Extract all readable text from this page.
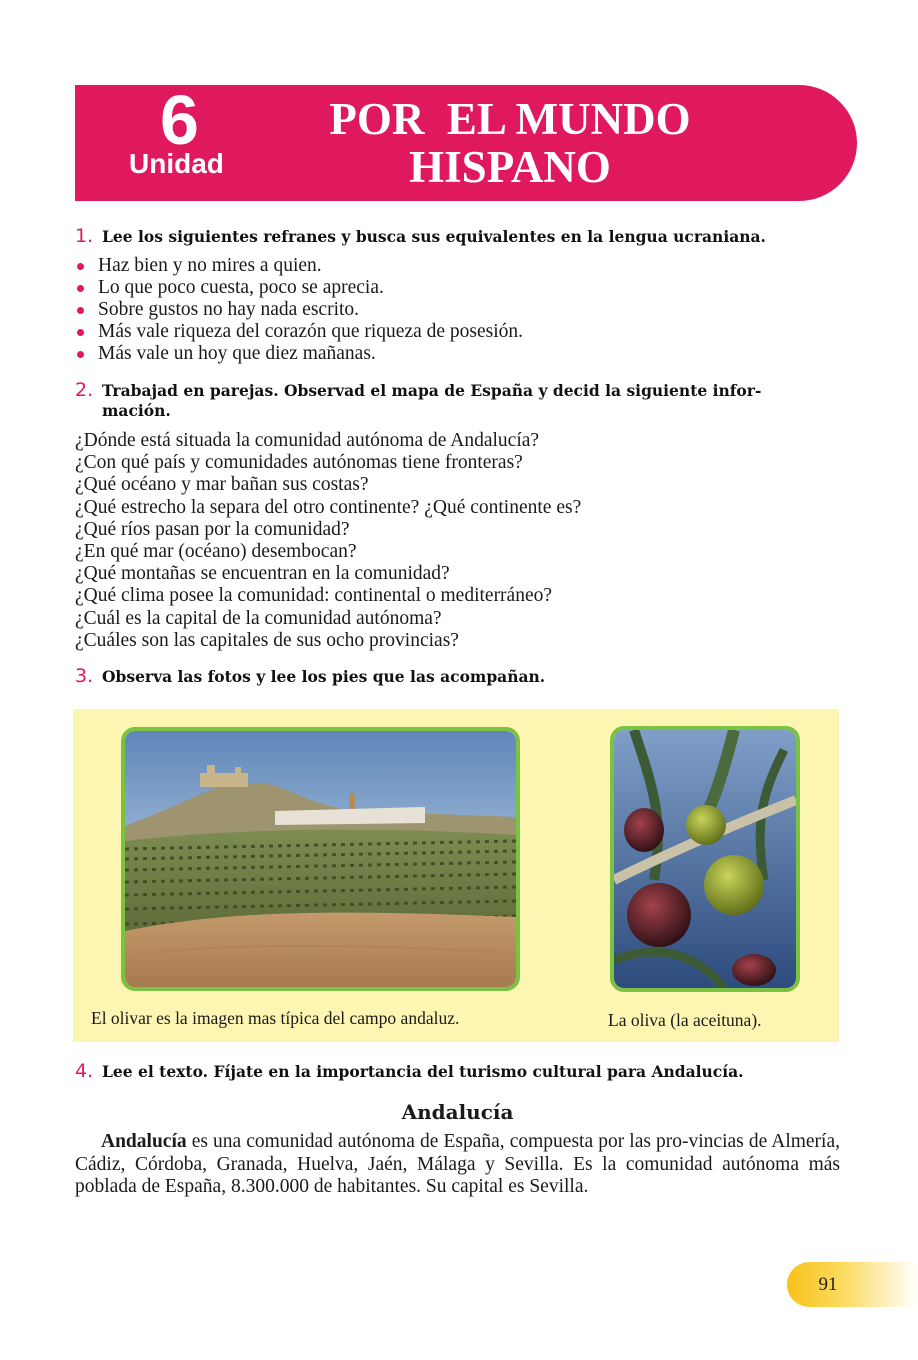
6
Unidad
POR  EL MUNDO
HISPANO
1. Lee los siguientes refranes y busca sus equivalentes en la lengua ucraniana.
Haz bien y no mires a quien.
Lo que poco cuesta, poco se aprecia.
Sobre gustos no hay nada escrito.
Más vale riqueza del corazón que riqueza de posesión.
Más vale un hoy que diez mañanas.
2. Trabajad en parejas. Observad el mapa de España y decid la siguiente infor-
mación.
¿Dónde está situada la comunidad autónoma de Andalucía?
¿Con qué país y comunidades autónomas tiene fronteras?
¿Qué océano y mar bañan sus costas?
¿Qué estrecho la separa del otro continente? ¿Qué continente es?
¿Qué ríos pasan por la comunidad?
¿En qué mar (océano) desembocan?
¿Qué montañas se encuentran en la comunidad?
¿Qué clima posee la comunidad: continental o mediterráneo?
¿Cuál es la capital de la comunidad autónoma?
¿Cuáles son las capitales de sus ocho provincias?
3. Observa las fotos y lee los pies que las acompañan.
El olivar es la imagen mas típica del campo andaluz.	La oliva (la aceituna).
4. Lee el texto. Fíjate en la importancia del turismo cultural para Andalucía.
Andalucía
Andalucía es una comunidad autónoma de España, compuesta por las pro-vincias de Almería, Cádiz, Córdoba, Granada, Huelva, Jaén, Málaga y Sevilla. Es la comunidad autónoma más poblada de España, 8.300.000 de habitantes. Su capital es Sevilla.
91
